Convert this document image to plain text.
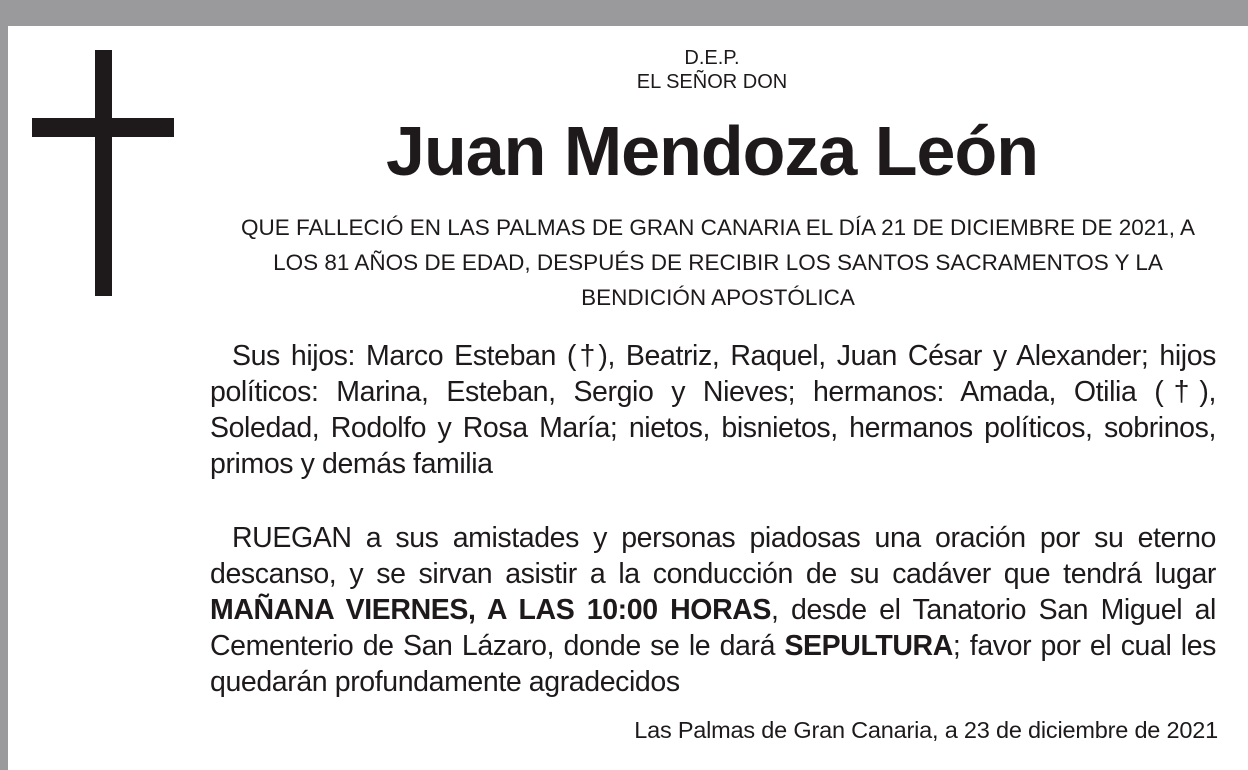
D.E.P.
EL SEÑOR DON
Juan Mendoza León
QUE FALLECIÓ EN LAS PALMAS DE GRAN CANARIA EL DÍA 21 DE DICIEMBRE DE 2021, A LOS 81 AÑOS DE EDAD, DESPUÉS DE RECIBIR LOS SANTOS SACRAMENTOS Y LA BENDICIÓN APOSTÓLICA
Sus hijos: Marco Esteban (†), Beatriz, Raquel, Juan César y Alexander; hijos políticos: Marina, Esteban, Sergio y Nieves; hermanos: Amada, Otilia (†), Soledad, Rodolfo y Rosa María; nietos, bisnietos, hermanos políticos, sobrinos, primos y demás familia
RUEGAN a sus amistades y personas piadosas una oración por su eterno descanso, y se sirvan asistir a la conducción de su cadáver que tendrá lugar MAÑANA VIERNES, A LAS 10:00 HORAS, desde el Tanatorio San Miguel al Cementerio de San Lázaro, donde se le dará SEPULTURA; favor por el cual les quedarán profundamente agradecidos
Las Palmas de Gran Canaria, a 23 de diciembre de 2021
